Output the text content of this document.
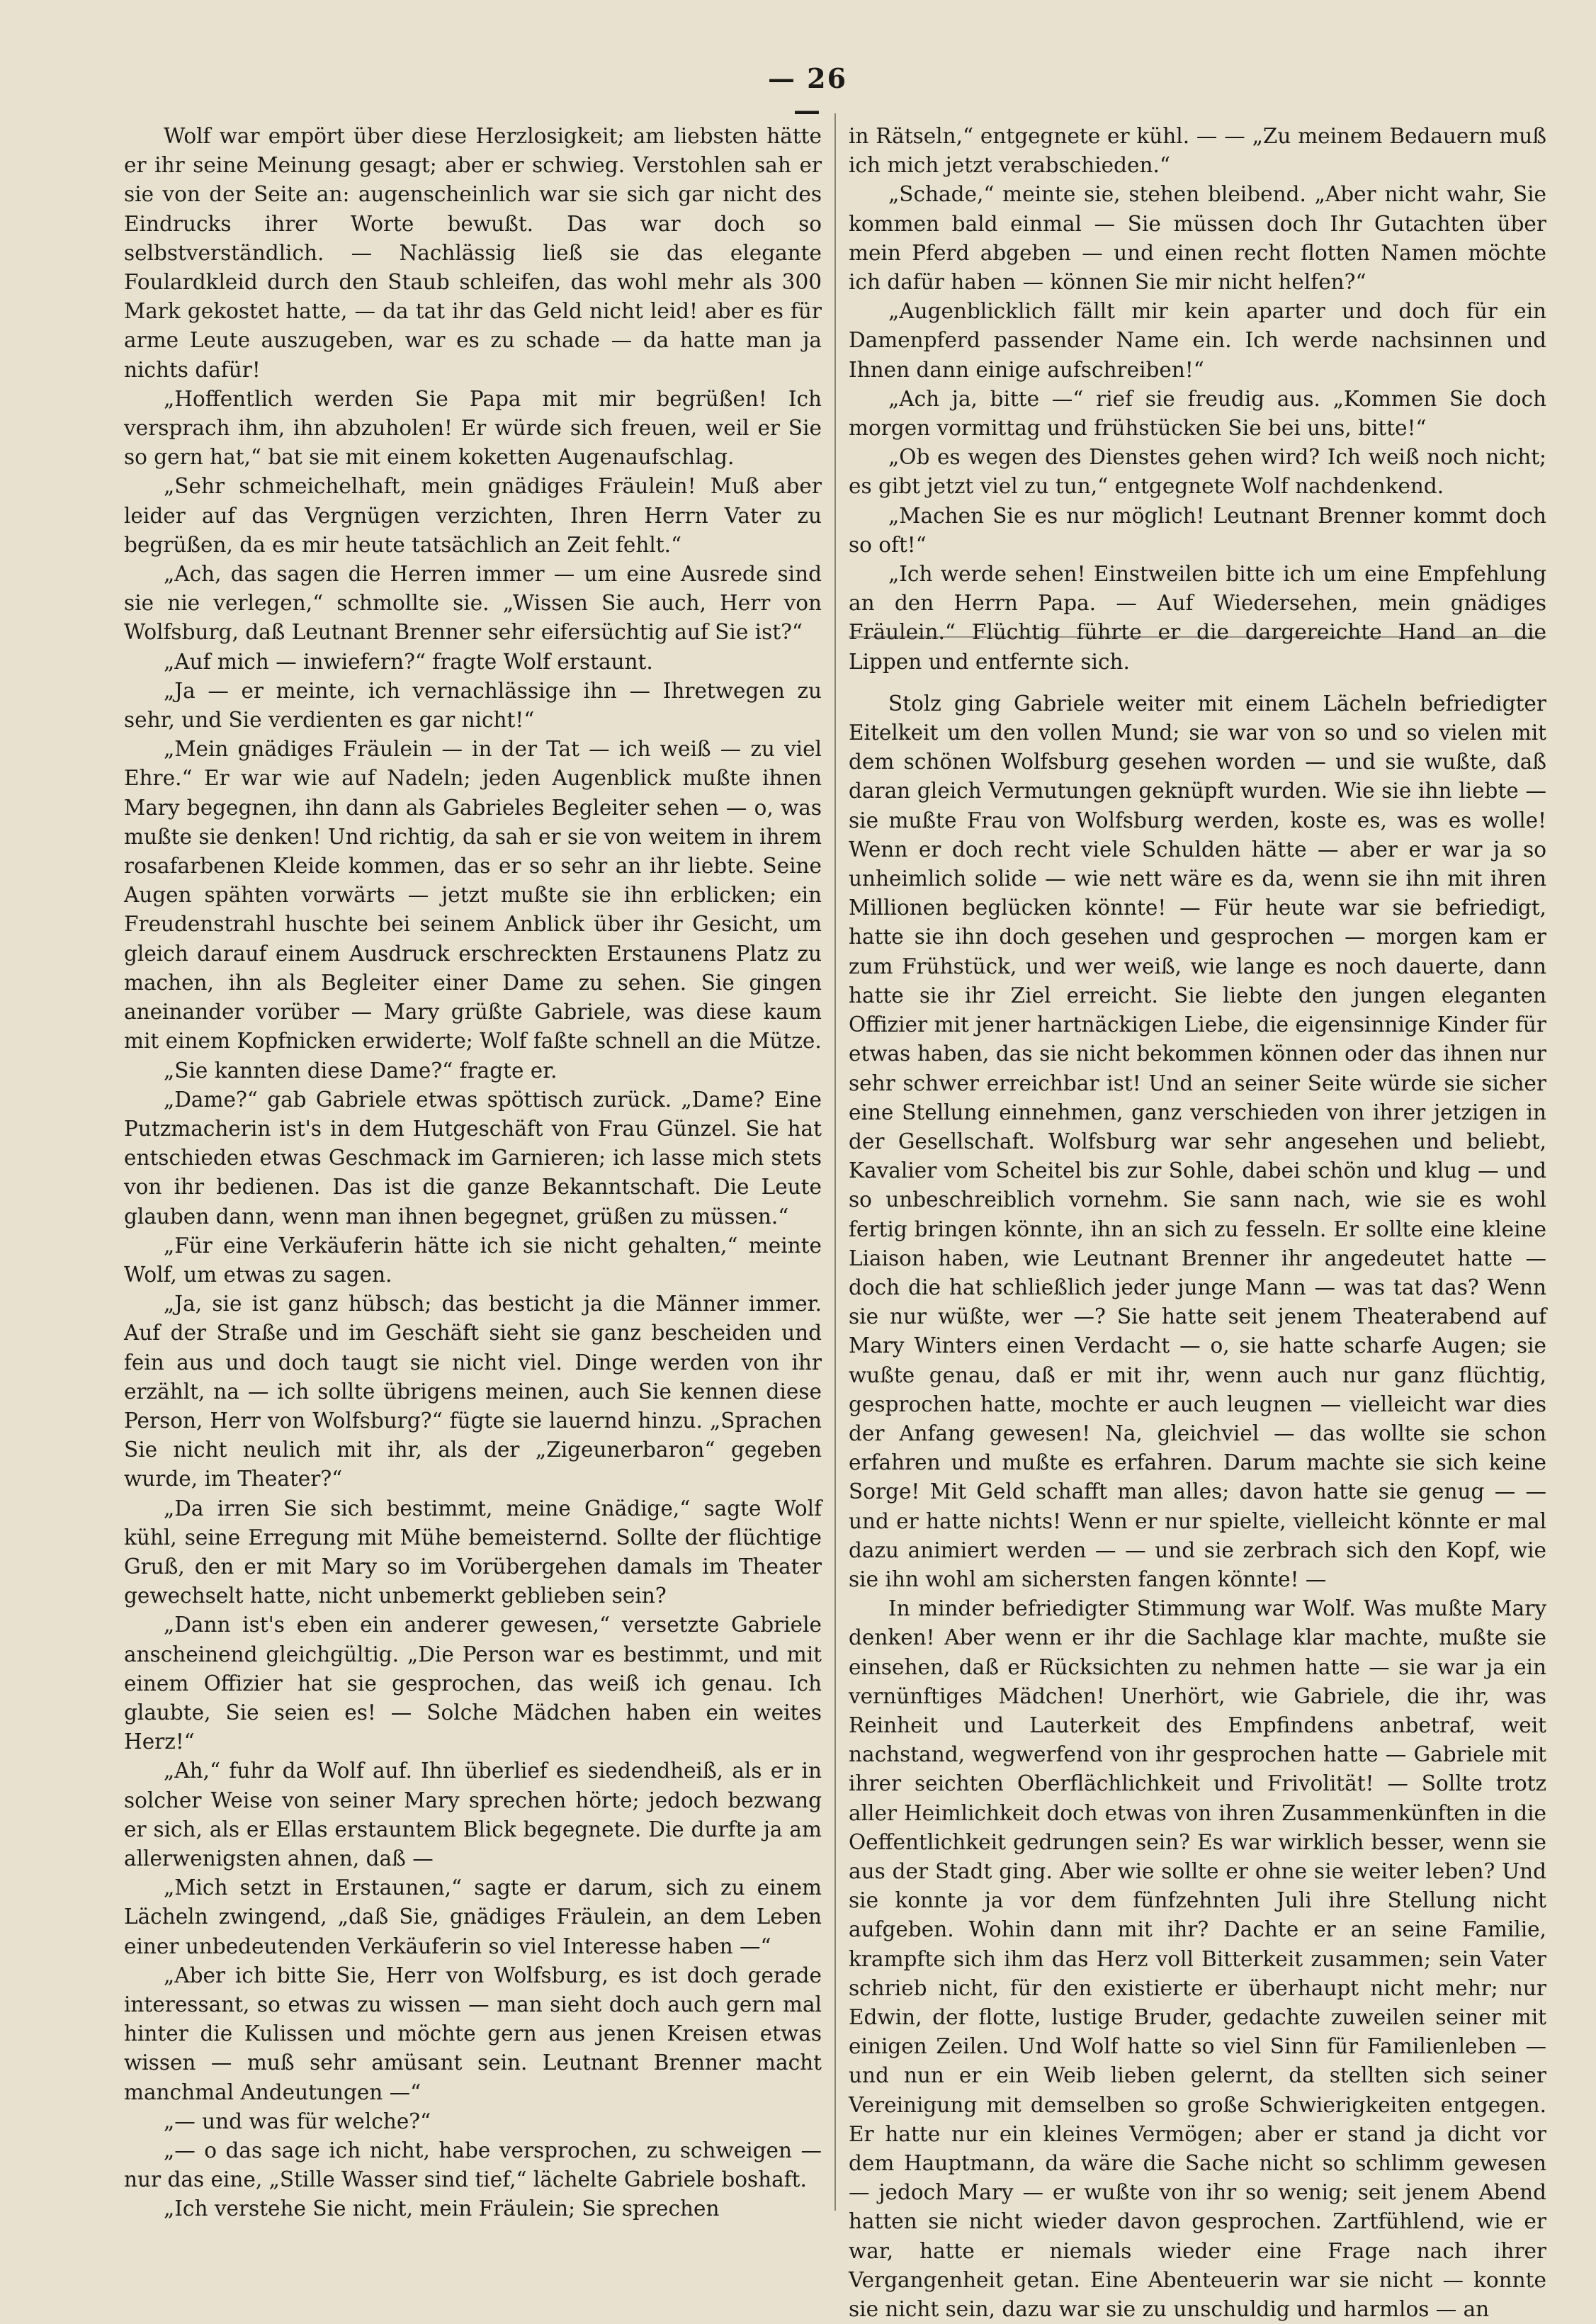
— 26 —

Wolf war empört über diese Herzlosigkeit; am liebsten hätte er ihr seine Meinung gesagt; aber er schwieg. Verstohlen sah er sie von der Seite an: augenscheinlich war sie sich gar nicht des Eindrucks ihrer Worte bewußt. Das war doch so selbstverständlich. — Nachlässig ließ sie das elegante Foulardkleid durch den Staub schleifen, das wohl mehr als 300 Mark gekostet hatte, — da tat ihr das Geld nicht leid! aber es für arme Leute auszugeben, war es zu schade — da hatte man ja nichts dafür!

„Hoffentlich werden Sie Papa mit mir begrüßen! Ich versprach ihm, ihn abzuholen! Er würde sich freuen, weil er Sie so gern hat,“ bat sie mit einem koketten Augenaufschlag.

„Sehr schmeichelhaft, mein gnädiges Fräulein! Muß aber leider auf das Vergnügen verzichten, Ihren Herrn Vater zu begrüßen, da es mir heute tatsächlich an Zeit fehlt.“

„Ach, das sagen die Herren immer — um eine Ausrede sind sie nie verlegen,“ schmollte sie. „Wissen Sie auch, Herr von Wolfsburg, daß Leutnant Brenner sehr eifersüchtig auf Sie ist?“

„Auf mich — inwiefern?“ fragte Wolf erstaunt.

„Ja — er meinte, ich vernachlässige ihn — Ihretwegen zu sehr, und Sie verdienten es gar nicht!“

„Mein gnädiges Fräulein — in der Tat — ich weiß — zu viel Ehre.“ Er war wie auf Nadeln; jeden Augenblick mußte ihnen Mary begegnen, ihn dann als Gabrieles Begleiter sehen — o, was mußte sie denken! Und richtig, da sah er sie von weitem in ihrem rosafarbenen Kleide kommen, das er so sehr an ihr liebte. Seine Augen spähten vorwärts — jetzt mußte sie ihn erblicken; ein Freudenstrahl huschte bei seinem Anblick über ihr Gesicht, um gleich darauf einem Ausdruck erschreckten Erstaunens Platz zu machen, ihn als Begleiter einer Dame zu sehen. Sie gingen aneinander vorüber — Mary grüßte Gabriele, was diese kaum mit einem Kopfnicken erwiderte; Wolf faßte schnell an die Mütze.

„Sie kannten diese Dame?“ fragte er.

„Dame?“ gab Gabriele etwas spöttisch zurück. „Dame? Eine Putzmacherin ist's in dem Hutgeschäft von Frau Günzel. Sie hat entschieden etwas Geschmack im Garnieren; ich lasse mich stets von ihr bedienen. Das ist die ganze Bekanntschaft. Die Leute glauben dann, wenn man ihnen begegnet, grüßen zu müssen.“

„Für eine Verkäuferin hätte ich sie nicht gehalten,“ meinte Wolf, um etwas zu sagen.

„Ja, sie ist ganz hübsch; das besticht ja die Männer immer. Auf der Straße und im Geschäft sieht sie ganz bescheiden und fein aus und doch taugt sie nicht viel. Dinge werden von ihr erzählt, na — ich sollte übrigens meinen, auch Sie kennen diese Person, Herr von Wolfsburg?“ fügte sie lauernd hinzu. „Sprachen Sie nicht neulich mit ihr, als der „Zigeunerbaron“ gegeben wurde, im Theater?“

„Da irren Sie sich bestimmt, meine Gnädige,“ sagte Wolf kühl, seine Erregung mit Mühe bemeisternd. Sollte der flüchtige Gruß, den er mit Mary so im Vorübergehen damals im Theater gewechselt hatte, nicht unbemerkt geblieben sein?

„Dann ist's eben ein anderer gewesen,“ versetzte Gabriele anscheinend gleichgültig. „Die Person war es bestimmt, und mit einem Offizier hat sie gesprochen, das weiß ich genau. Ich glaubte, Sie seien es! — Solche Mädchen haben ein weites Herz!“

„Ah,“ fuhr da Wolf auf. Ihn überlief es siedendheiß, als er in solcher Weise von seiner Mary sprechen hörte; jedoch bezwang er sich, als er Ellas erstauntem Blick begegnete. Die durfte ja am allerwenigsten ahnen, daß —

„Mich setzt in Erstaunen,“ sagte er darum, sich zu einem Lächeln zwingend, „daß Sie, gnädiges Fräulein, an dem Leben einer unbedeutenden Verkäuferin so viel Interesse haben —“

„Aber ich bitte Sie, Herr von Wolfsburg, es ist doch gerade interessant, so etwas zu wissen — man sieht doch auch gern mal hinter die Kulissen und möchte gern aus jenen Kreisen etwas wissen — muß sehr amüsant sein. Leutnant Brenner macht manchmal Andeutungen —“

„— und was für welche?“

„— o das sage ich nicht, habe versprochen, zu schweigen — nur das eine, „Stille Wasser sind tief,“ lächelte Gabriele boshaft.

„Ich verstehe Sie nicht, mein Fräulein; Sie sprechen

in Rätseln,“ entgegnete er kühl. — — „Zu meinem Bedauern muß ich mich jetzt verabschieden.“

„Schade,“ meinte sie, stehen bleibend. „Aber nicht wahr, Sie kommen bald einmal — Sie müssen doch Ihr Gutachten über mein Pferd abgeben — und einen recht flotten Namen möchte ich dafür haben — können Sie mir nicht helfen?“

„Augenblicklich fällt mir kein aparter und doch für ein Damenpferd passender Name ein. Ich werde nachsinnen und Ihnen dann einige aufschreiben!“

„Ach ja, bitte —“ rief sie freudig aus. „Kommen Sie doch morgen vormittag und frühstücken Sie bei uns, bitte!“

„Ob es wegen des Dienstes gehen wird? Ich weiß noch nicht; es gibt jetzt viel zu tun,“ entgegnete Wolf nachdenkend.

„Machen Sie es nur möglich! Leutnant Brenner kommt doch so oft!“

„Ich werde sehen! Einstweilen bitte ich um eine Empfehlung an den Herrn Papa. — Auf Wiedersehen, mein gnädiges Fräulein.“ Flüchtig führte er die dargereichte Hand an die Lippen und entfernte sich.

Stolz ging Gabriele weiter mit einem Lächeln befriedigter Eitelkeit um den vollen Mund; sie war von so und so vielen mit dem schönen Wolfsburg gesehen worden — und sie wußte, daß daran gleich Vermutungen geknüpft wurden. Wie sie ihn liebte — sie mußte Frau von Wolfsburg werden, koste es, was es wolle! Wenn er doch recht viele Schulden hätte — aber er war ja so unheimlich solide — wie nett wäre es da, wenn sie ihn mit ihren Millionen beglücken könnte! — Für heute war sie befriedigt, hatte sie ihn doch gesehen und gesprochen — morgen kam er zum Frühstück, und wer weiß, wie lange es noch dauerte, dann hatte sie ihr Ziel erreicht. Sie liebte den jungen eleganten Offizier mit jener hartnäckigen Liebe, die eigensinnige Kinder für etwas haben, das sie nicht bekommen können oder das ihnen nur sehr schwer erreichbar ist! Und an seiner Seite würde sie sicher eine Stellung einnehmen, ganz verschieden von ihrer jetzigen in der Gesellschaft. Wolfsburg war sehr angesehen und beliebt, Kavalier vom Scheitel bis zur Sohle, dabei schön und klug — und so unbeschreiblich vornehm. Sie sann nach, wie sie es wohl fertig bringen könnte, ihn an sich zu fesseln. Er sollte eine kleine Liaison haben, wie Leutnant Brenner ihr angedeutet hatte — doch die hat schließlich jeder junge Mann — was tat das? Wenn sie nur wüßte, wer —? Sie hatte seit jenem Theaterabend auf Mary Winters einen Verdacht — o, sie hatte scharfe Augen; sie wußte genau, daß er mit ihr, wenn auch nur ganz flüchtig, gesprochen hatte, mochte er auch leugnen — vielleicht war dies der Anfang gewesen! Na, gleichviel — das wollte sie schon erfahren und mußte es erfahren. Darum machte sie sich keine Sorge! Mit Geld schafft man alles; davon hatte sie genug — — und er hatte nichts! Wenn er nur spielte, vielleicht könnte er mal dazu animiert werden — — und sie zerbrach sich den Kopf, wie sie ihn wohl am sichersten fangen könnte! —

In minder befriedigter Stimmung war Wolf. Was mußte Mary denken! Aber wenn er ihr die Sachlage klar machte, mußte sie einsehen, daß er Rücksichten zu nehmen hatte — sie war ja ein vernünftiges Mädchen! Unerhört, wie Gabriele, die ihr, was Reinheit und Lauterkeit des Empfindens anbetraf, weit nachstand, wegwerfend von ihr gesprochen hatte — Gabriele mit ihrer seichten Oberflächlichkeit und Frivolität! — Sollte trotz aller Heimlichkeit doch etwas von ihren Zusammenkünften in die Oeffentlichkeit gedrungen sein? Es war wirklich besser, wenn sie aus der Stadt ging. Aber wie sollte er ohne sie weiter leben? Und sie konnte ja vor dem fünfzehnten Juli ihre Stellung nicht aufgeben. Wohin dann mit ihr? Dachte er an seine Familie, krampfte sich ihm das Herz voll Bitterkeit zusammen; sein Vater schrieb nicht, für den existierte er überhaupt nicht mehr; nur Edwin, der flotte, lustige Bruder, gedachte zuweilen seiner mit einigen Zeilen. Und Wolf hatte so viel Sinn für Familienleben — und nun er ein Weib lieben gelernt, da stellten sich seiner Vereinigung mit demselben so große Schwierigkeiten entgegen. Er hatte nur ein kleines Vermögen; aber er stand ja dicht vor dem Hauptmann, da wäre die Sache nicht so schlimm gewesen — jedoch Mary — er wußte von ihr so wenig; seit jenem Abend hatten sie nicht wieder davon gesprochen. Zartfühlend, wie er war, hatte er niemals wieder eine Frage nach ihrer Vergangenheit getan. Eine Abenteuerin war sie nicht — konnte sie nicht sein, dazu war sie zu unschuldig und harmlos — an
